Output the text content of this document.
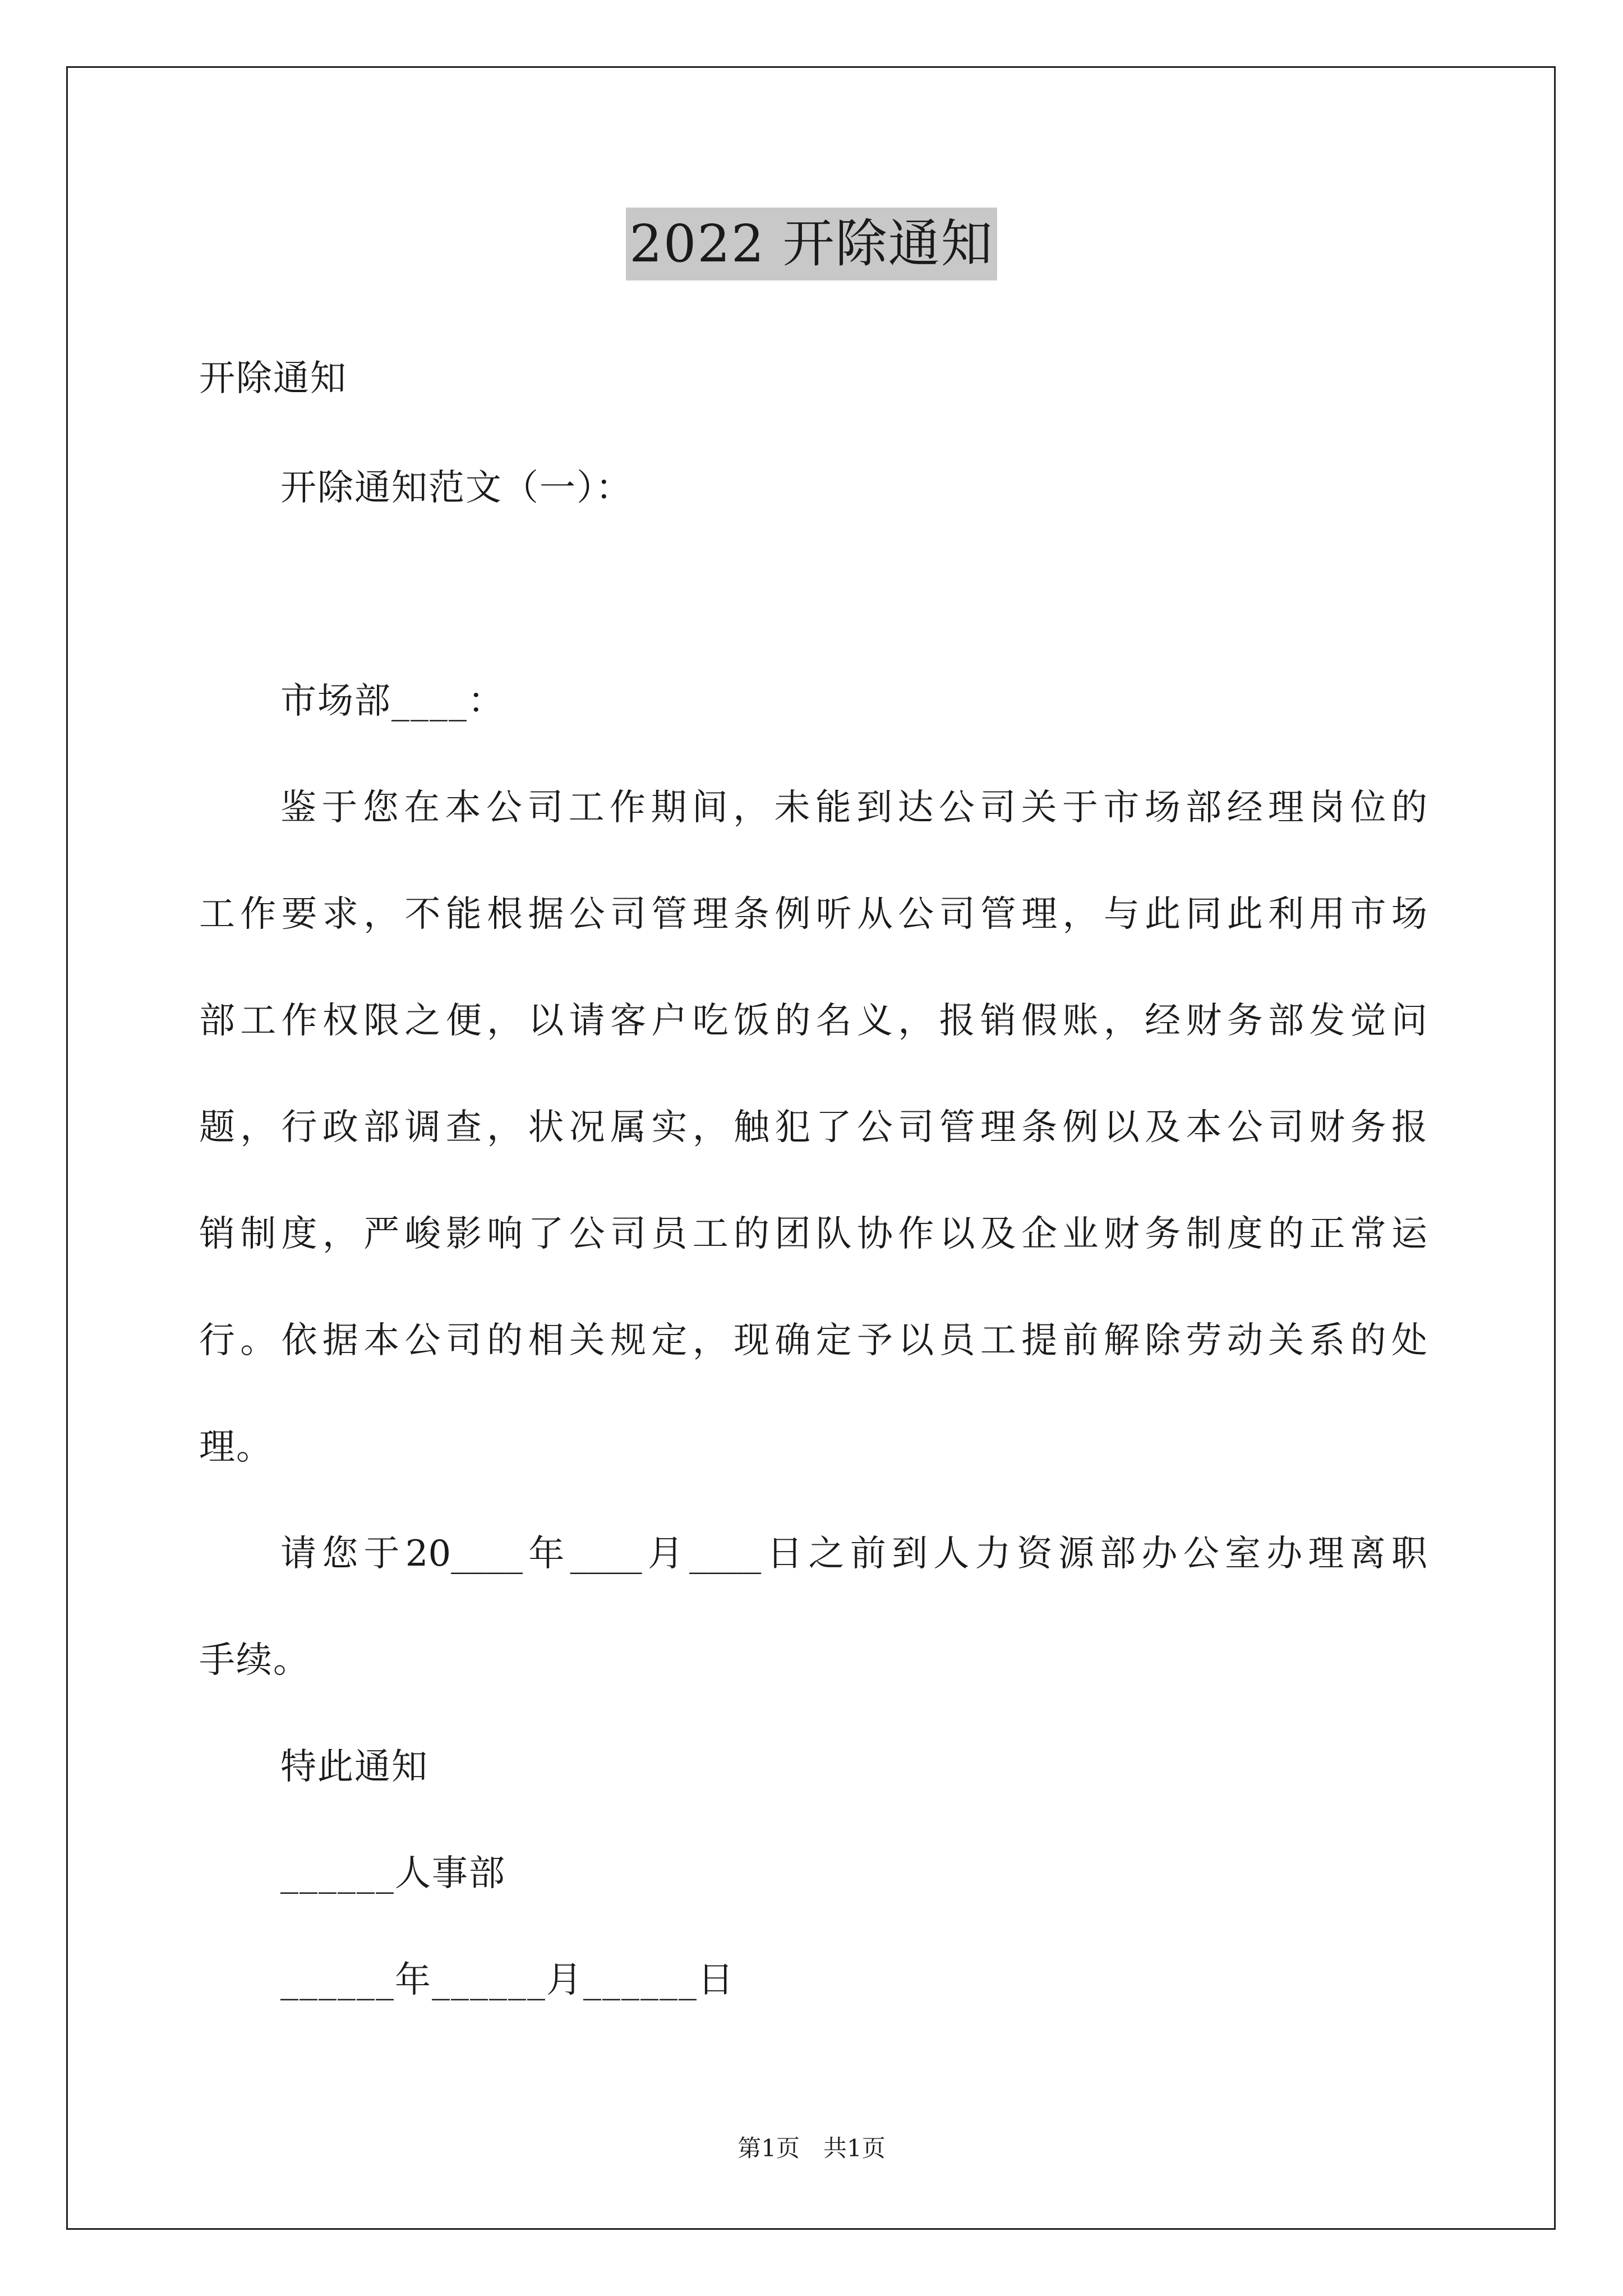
2022 开除通知
开除通知
开除通知范文（一）：
市场部____：
鉴于您在本公司工作期间，未能到达公司关于市场部经理岗位的
工作要求，不能根据公司管理条例听从公司管理，与此同此利用市场
部工作权限之便，以请客户吃饭的名义，报销假账，经财务部发觉问
题，行政部调查，状况属实，触犯了公司管理条例以及本公司财务报
销制度，严峻影响了公司员工的团队协作以及企业财务制度的正常运
行。依据本公司的相关规定，现确定予以员工提前解除劳动关系的处
理。
请您于20____年____月____日之前到人力资源部办公室办理离职
手续。
特此通知
______人事部
______年______月______日
第1页　共1页
